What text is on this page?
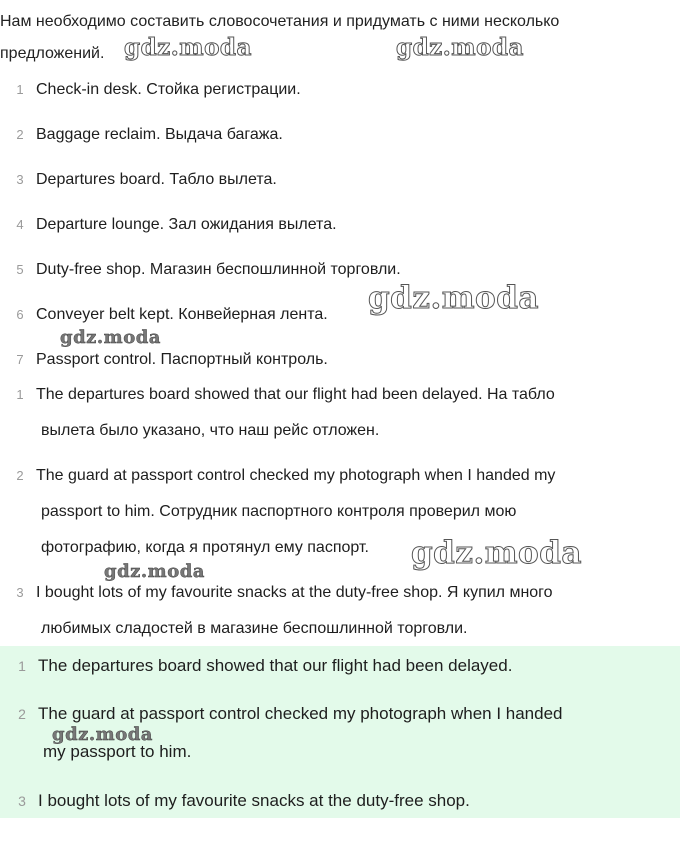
Нам необходимо составить словосочетания и придумать с ними несколько
предложений.
1 Check-in desk. Стойка регистрации.
2 Baggage reclaim. Выдача багажа.
3 Departures board. Табло вылета.
4 Departure lounge. Зал ожидания вылета.
5 Duty-free shop. Магазин беспошлинной торговли.
6 Conveyer belt kept. Конвейерная лента.
7 Passport control. Паспортный контроль.
1 The departures board showed that our flight had been delayed. На табло
вылета было указано, что наш рейс отложен.
2 The guard at passport control checked my photograph when I handed my
passport to him. Сотрудник паспортного контроля проверил мою
фотографию, когда я протянул ему паспорт.
3 I bought lots of my favourite snacks at the duty-free shop. Я купил много
любимых сладостей в магазине беспошлинной торговли.
1 The departures board showed that our flight had been delayed.
2 The guard at passport control checked my photograph when I handed
my passport to him.
3 I bought lots of my favourite snacks at the duty-free shop.
gdz.moda	gdz.moda
gdz.moda
gdz.moda
gdz.moda
gdz.moda
gdz.moda
